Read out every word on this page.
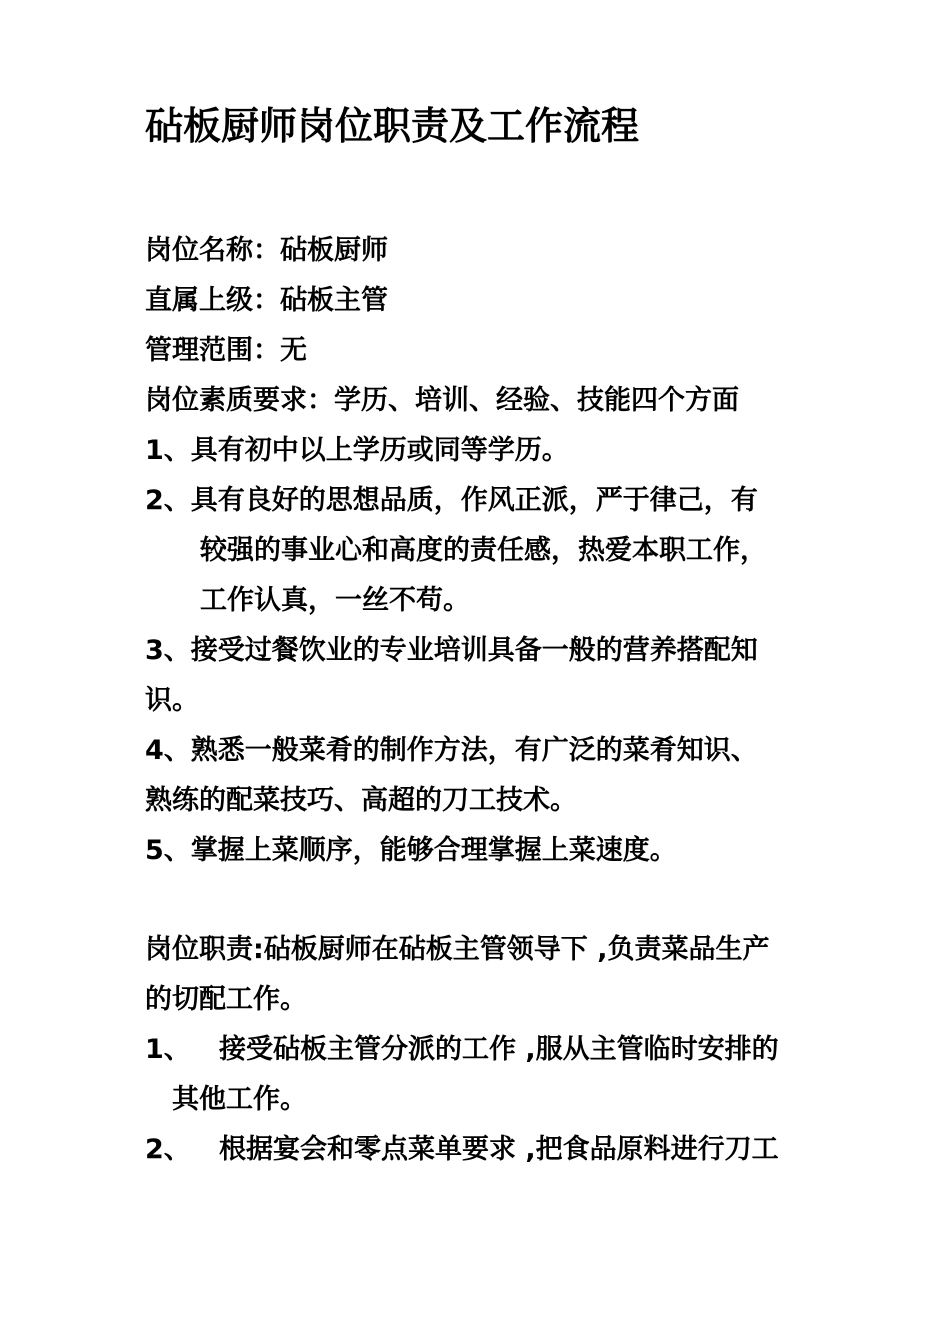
砧板厨师岗位职责及工作流程

岗位名称：砧板厨师

直属上级：砧板主管

管理范围：无

岗位素质要求：学历、培训、经验、技能四个方面

1、具有初中以上学历或同等学历。

2、具有良好的思想品质，作风正派，严于律己，有

较强的事业心和高度的责任感，热爱本职工作，

工作认真，一丝不苟。

3、接受过餐饮业的专业培训具备一般的营养搭配知

识。

4、熟悉一般菜肴的制作方法，有广泛的菜肴知识、

熟练的配菜技巧、高超的刀工技术。

5、掌握上菜顺序，能够合理掌握上菜速度。

岗位职责:砧板厨师在砧板主管领导下 ,负责菜品生产

的切配工作。

1、   接受砧板主管分派的工作 ,服从主管临时安排的

其他工作。

2、   根据宴会和零点菜单要求 ,把食品原料进行刀工
